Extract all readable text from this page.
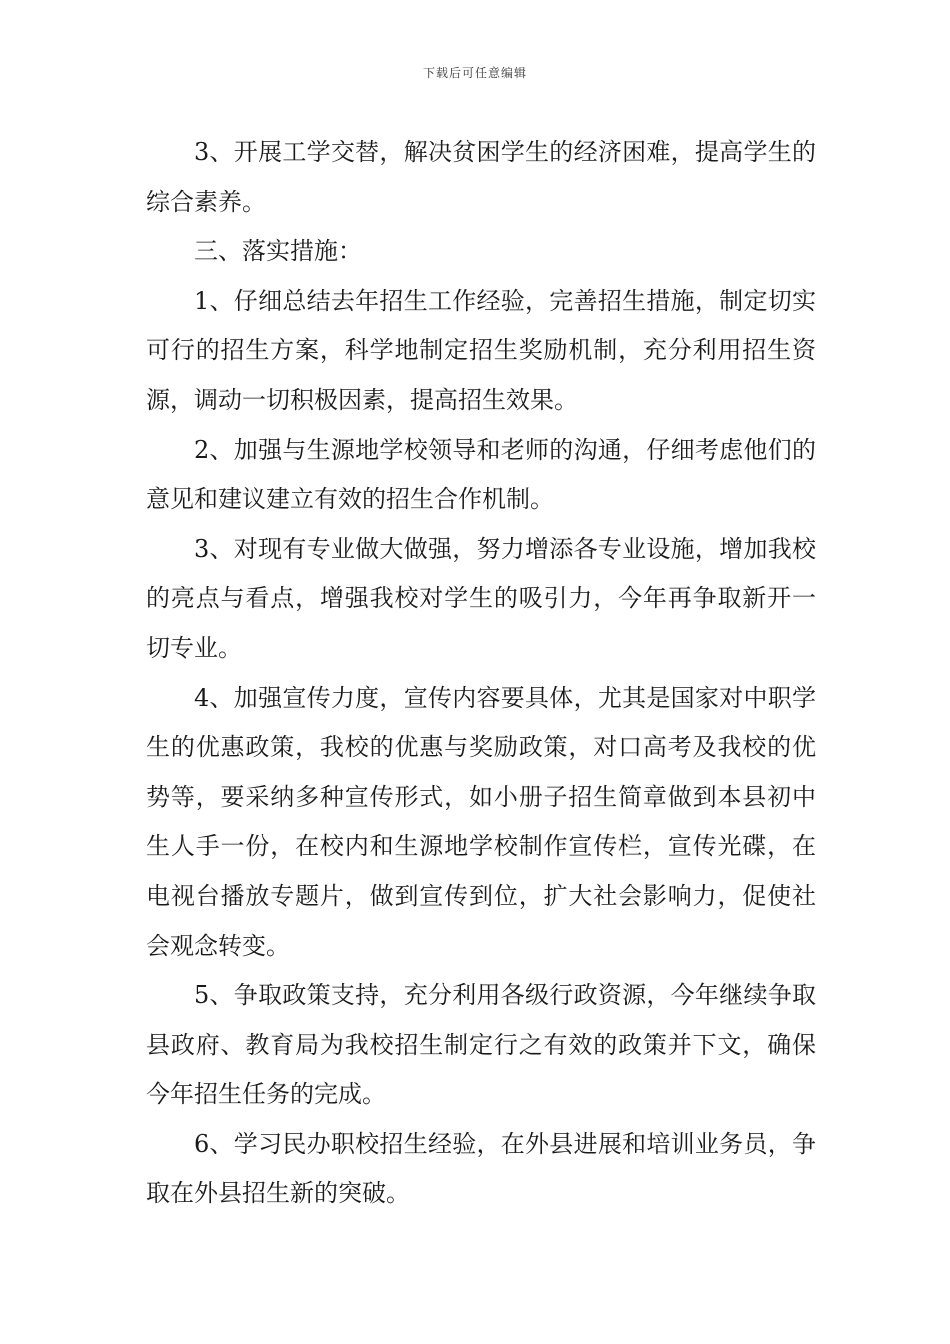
下载后可任意编辑

3、开展工学交替，解决贫困学生的经济困难，提高学生的综合素养。

三、落实措施：

1、仔细总结去年招生工作经验，完善招生措施，制定切实可行的招生方案，科学地制定招生奖励机制，充分利用招生资源，调动一切积极因素，提高招生效果。

2、加强与生源地学校领导和老师的沟通，仔细考虑他们的意见和建议建立有效的招生合作机制。

3、对现有专业做大做强，努力增添各专业设施，增加我校的亮点与看点，增强我校对学生的吸引力，今年再争取新开一切专业。

4、加强宣传力度，宣传内容要具体，尤其是国家对中职学生的优惠政策，我校的优惠与奖励政策，对口高考及我校的优势等，要采纳多种宣传形式，如小册子招生简章做到本县初中生人手一份，在校内和生源地学校制作宣传栏，宣传光碟，在电视台播放专题片，做到宣传到位，扩大社会影响力，促使社会观念转变。

5、争取政策支持，充分利用各级行政资源，今年继续争取县政府、教育局为我校招生制定行之有效的政策并下文，确保今年招生任务的完成。

6、学习民办职校招生经验，在外县进展和培训业务员，争取在外县招生新的突破。
